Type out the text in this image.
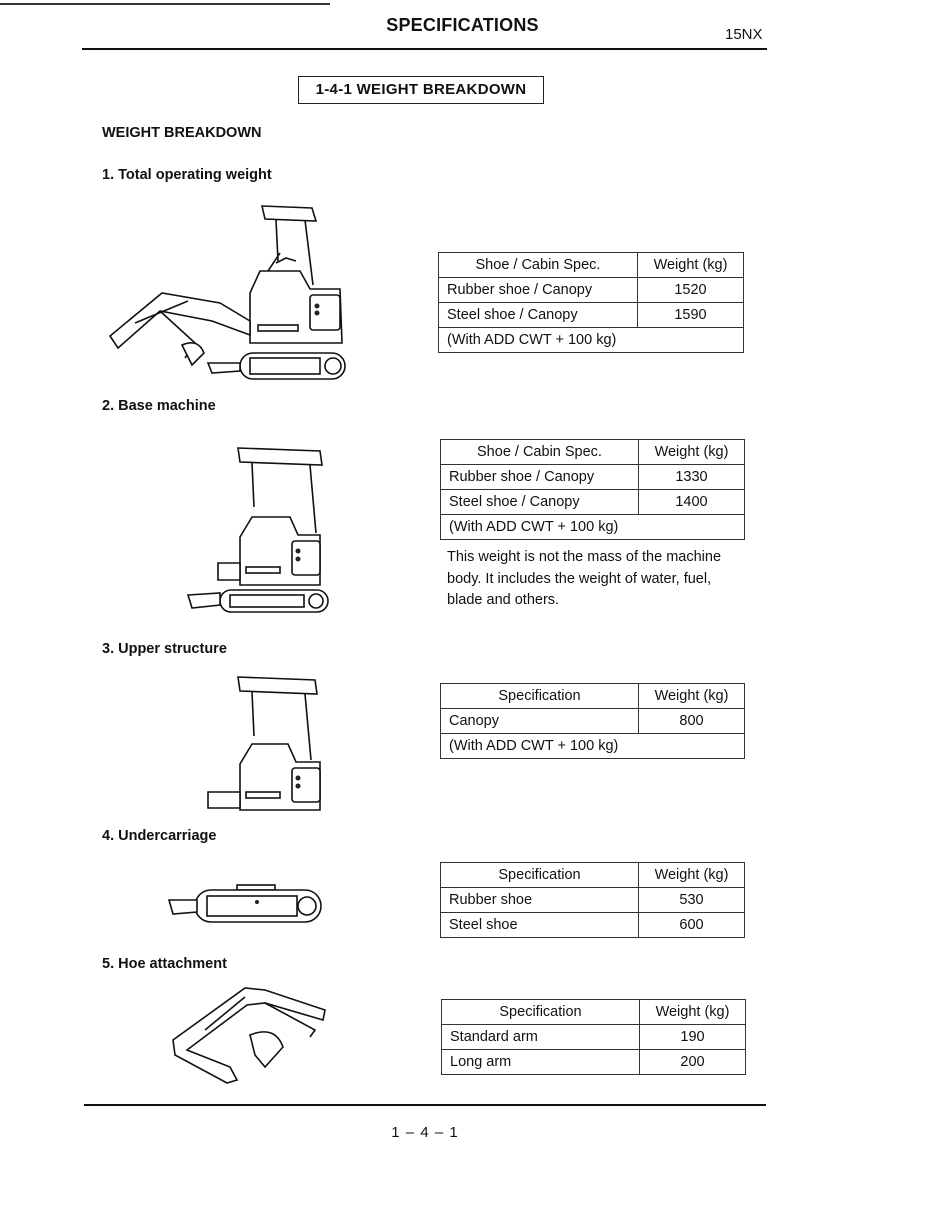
SPECIFICATIONS	15NX
1-4-1 WEIGHT BREAKDOWN
WEIGHT BREAKDOWN
1. Total operating weight
Shoe / Cabin Spec.	Weight (kg)
Rubber shoe / Canopy	1520
Steel shoe / Canopy	1590
(With ADD CWT + 100 kg)	
2. Base machine
Shoe / Cabin Spec.	Weight (kg)
Rubber shoe / Canopy	1330
Steel shoe / Canopy	1400
(With ADD CWT + 100 kg)	
This weight is not the mass of the machine body. It includes the weight of water, fuel, blade and others.
3. Upper structure
Specification	Weight (kg)
Canopy	800
(With ADD CWT + 100 kg)	
4. Undercarriage
Specification	Weight (kg)
Rubber shoe	530
Steel shoe	600
5. Hoe attachment
Specification	Weight (kg)
Standard arm	190
Long arm	200
1 – 4 – 1
